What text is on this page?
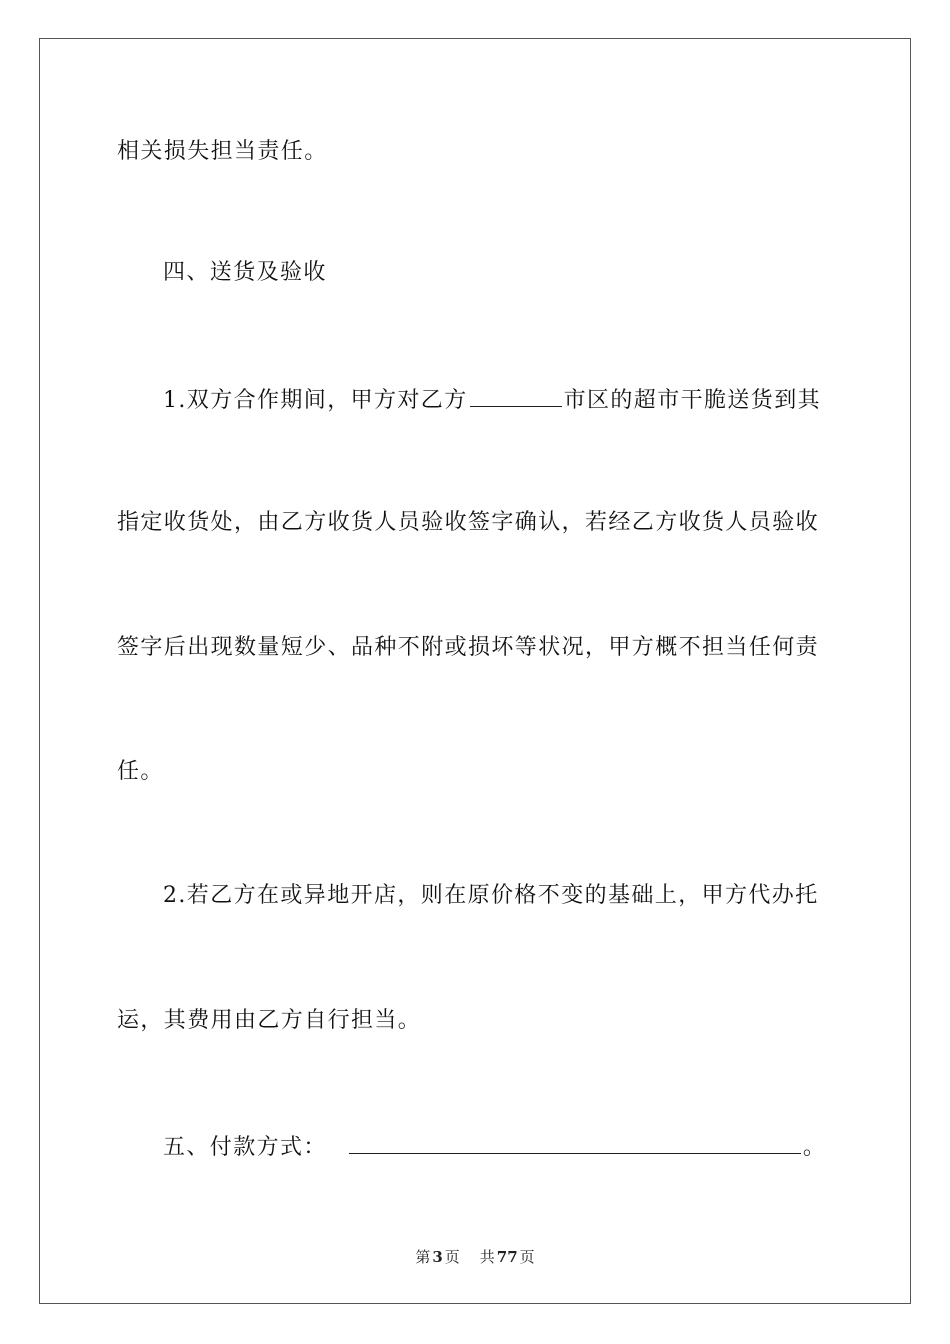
相关损失担当责任。
四、送货及验收
1.双方合作期间，甲方对乙方	市区的超市干脆送货到其
指定收货处，由乙方收货人员验收签字确认，若经乙方收货人员验收
签字后出现数量短少、品种不附或损坏等状况，甲方概不担当任何责
任。
2.若乙方在或异地开店，则在原价格不变的基础上，甲方代办托
运，其费用由乙方自行担当。
五、付款方式：	。
第 3 页 共 77 页
